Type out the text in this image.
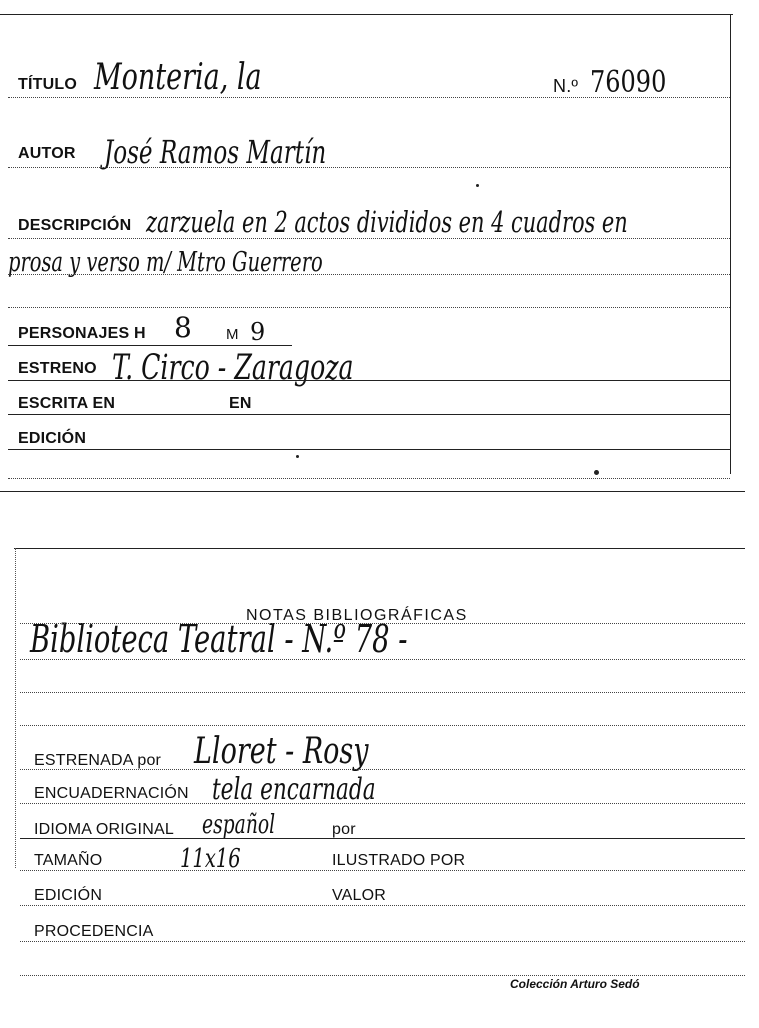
TÍTULO Monteria, la	N.º 76090
AUTOR José Ramos Martín
DESCRIPCIÓN zarzuela en 2 actos divididos en 4 cuadros en
prosa y verso m/ Mtro Guerrero
PERSONAJES H 8 M 9
ESTRENO T. Circo - Zaragoza
ESCRITA EN	EN
EDICIÓN
NOTAS BIBLIOGRÁFICAS
Biblioteca Teatral - N.º 78 -
ESTRENADA por Lloret - Rosy
ENCUADERNACIÓN tela encarnada
IDIOMA ORIGINAL español	por
TAMAÑO	11x16	ILUSTRADO POR
EDICIÓN	VALOR
PROCEDENCIA
Colección Arturo Sedó
